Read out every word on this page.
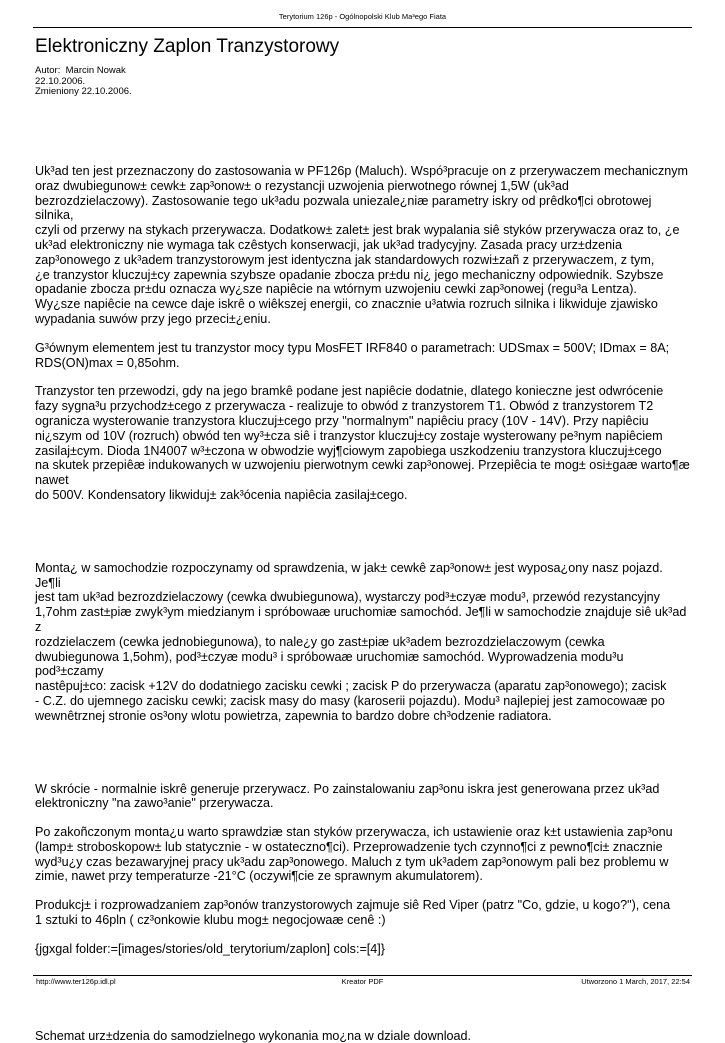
Terytorium 126p - Ogólnopolski Klub Ma³ego Fiata
Elektroniczny Zaplon Tranzystorowy
Autor:  Marcin Nowak
22.10.2006.
Zmieniony 22.10.2006.

Uk³ad ten jest przeznaczony do zastosowania w PF126p (Maluch). Wspó³pracuje on z przerywaczem mechanicznym
oraz dwubiegunow± cewk± zap³onow± o rezystancji uzwojenia pierwotnego równej 1,5W (uk³ad
bezrozdzielaczowy). Zastosowanie tego uk³adu pozwala uniezale¿niæ parametry iskry od prêdko¶ci obrotowej silnika,
czyli od przerwy na stykach przerywacza. Dodatkow± zalet± jest brak wypalania siê styków przerywacza oraz to, ¿e
uk³ad elektroniczny nie wymaga tak czêstych konserwacji, jak uk³ad tradycyjny. Zasada pracy urz±dzenia
zap³onowego z uk³adem tranzystorowym jest identyczna jak standardowych rozwi±zañ z przerywaczem, z tym,
¿e tranzystor kluczuj±cy zapewnia szybsze opadanie zbocza pr±du ni¿ jego mechaniczny odpowiednik. Szybsze
opadanie zbocza pr±du oznacza wy¿sze napiêcie na wtórnym uzwojeniu cewki zap³onowej (regu³a Lentza).
Wy¿sze napiêcie na cewce daje iskrê o wiêkszej energii, co znacznie u³atwia rozruch silnika i likwiduje zjawisko
wypadania suwów przy jego przeci±¿eniu.

G³ównym elementem jest tu tranzystor mocy typu MosFET IRF840 o parametrach: UDSmax = 500V; IDmax = 8A;
RDS(ON)max = 0,85ohm.

Tranzystor ten przewodzi, gdy na jego bramkê podane jest napiêcie dodatnie, dlatego konieczne jest odwrócenie
fazy sygna³u przychodz±cego z przerywacza - realizuje to obwód z tranzystorem T1. Obwód z tranzystorem T2
ogranicza wysterowanie tranzystora kluczuj±cego przy "normalnym" napiêciu pracy (10V - 14V). Przy napiêciu
ni¿szym od 10V (rozruch) obwód ten wy³±cza siê i tranzystor kluczuj±cy zostaje wysterowany pe³nym napiêciem
zasilaj±cym. Dioda 1N4007 w³±czona w obwodzie wyj¶ciowym zapobiega uszkodzeniu tranzystora kluczuj±cego
na skutek przepiêæ indukowanych w uzwojeniu pierwotnym cewki zap³onowej. Przepiêcia te mog± osi±gaæ warto¶æ nawet
do 500V. Kondensatory likwiduj± zak³ócenia napiêcia zasilaj±cego.

Monta¿ w samochodzie rozpoczynamy od sprawdzenia, w jak± cewkê zap³onow± jest wyposa¿ony nasz pojazd. Je¶li
jest tam uk³ad bezrozdzielaczowy (cewka dwubiegunowa), wystarczy pod³±czyæ modu³, przewód rezystancyjny
1,7ohm zast±piæ zwyk³ym miedzianym i spróbowaæ uruchomiæ samochód. Je¶li w samochodzie znajduje siê uk³ad z
rozdzielaczem (cewka jednobiegunowa), to nale¿y go zast±piæ uk³adem bezrozdzielaczowym (cewka
dwubiegunowa 1,5ohm), pod³±czyæ modu³ i spróbowaæ uruchomiæ samochód. Wyprowadzenia modu³u pod³±czamy
nastêpuj±co: zacisk +12V do dodatniego zacisku cewki ; zacisk P do przerywacza (aparatu zap³onowego); zacisk
- C.Z. do ujemnego zacisku cewki; zacisk masy do masy (karoserii pojazdu). Modu³ najlepiej jest zamocowaæ po
wewnêtrznej stronie os³ony wlotu powietrza, zapewnia to bardzo dobre ch³odzenie radiatora.

W skrócie - normalnie iskrê generuje przerywacz. Po zainstalowaniu zap³onu iskra jest generowana przez uk³ad
elektroniczny "na zawo³anie" przerywacza.

Po zakoñczonym monta¿u warto sprawdziæ stan styków przerywacza, ich ustawienie oraz k±t ustawienia zap³onu
(lamp± stroboskopow± lub statycznie - w ostateczno¶ci). Przeprowadzenie tych czynno¶ci z pewno¶ci± znacznie
wyd³u¿y czas bezawaryjnej pracy uk³adu zap³onowego. Maluch z tym uk³adem zap³onowym pali bez problemu w
zimie, nawet przy temperaturze -21°C (oczywi¶cie ze sprawnym akumulatorem).

Produkcj± i rozprowadzaniem zap³onów tranzystorowych zajmuje siê Red Viper (patrz "Co, gdzie, u kogo?"), cena
1 sztuki to 46pln ( cz³onkowie klubu mog± negocjowaæ cenê :)

{jgxgal folder:=[images/stories/old_terytorium/zaplon] cols:=[4]}

Schemat urz±dzenia do samodzielnego wykonania mo¿na w dziale download.

http://www.ter126p.idl.pl	Kreator PDF	Utworzono 1 March, 2017, 22:54
